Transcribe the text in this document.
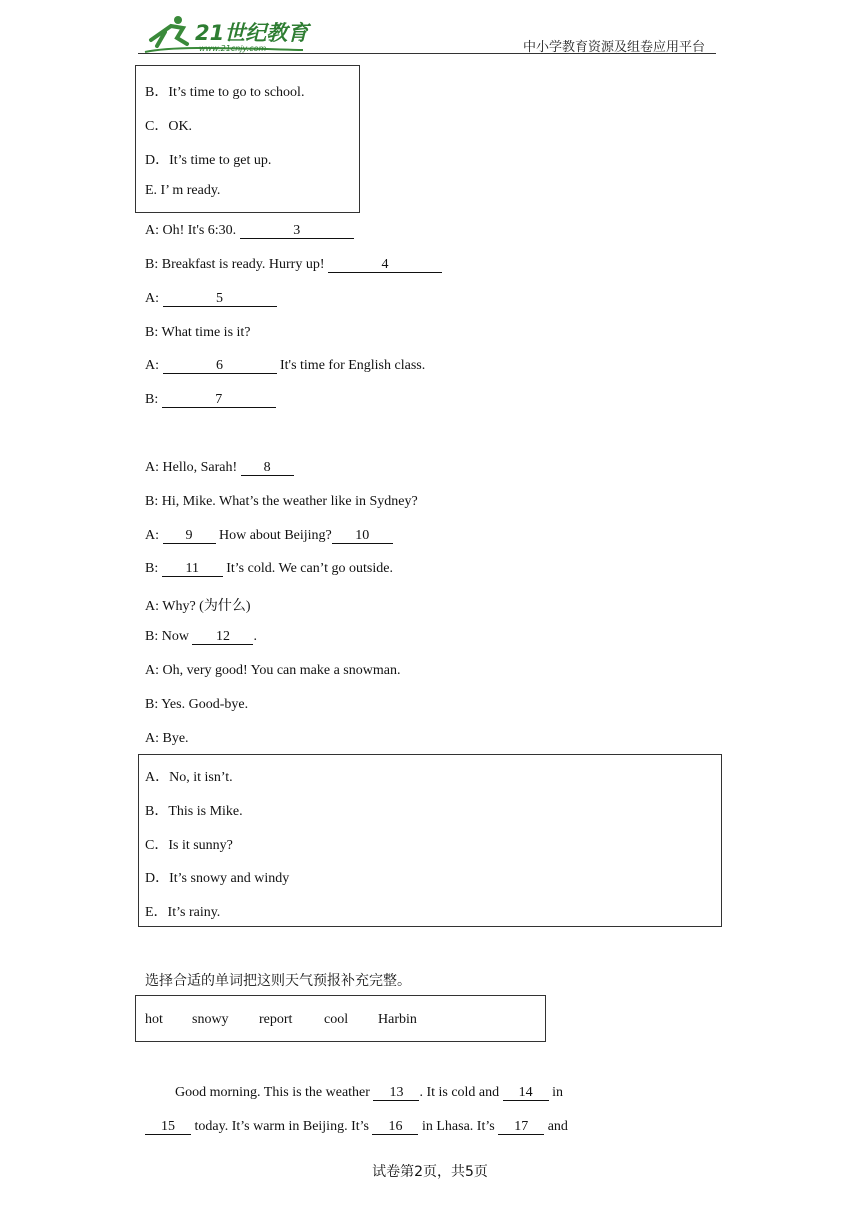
21世纪教育
www.21cnjy.com	中小学教育资源及组卷应用平台
B．It’s time to go to school.
C．OK.
D．It’s time to get up.
E. I’ m ready.
A: Oh! It's 6:30.	3
B: Breakfast is ready. Hurry up!	4
A:	5
B: What time is it?
A:	6	It's time for English class.
B:	7
A: Hello, Sarah! 8
B: Hi, Mike. What’s the weather like in Sydney?
A: 9 How about Beijing? 10
B: 11 It’s cold. We can’t go outside.
A: Why? (为什么)
B: Now 12 .
A: Oh, very good! You can make a snowman.
B: Yes. Good-bye.
A: Bye.
A．No, it isn’t.
B．This is Mike.
C．Is it sunny?
D．It’s snowy and windy
E．It’s rainy.
选择合适的单词把这则天气预报补充完整。
hot snowy report cool Harbin
Good morning. This is the weather 13 . It is cold and 14 in
15 today. It’s warm in Beijing. It’s 16 in Lhasa. It’s 17 and
试卷第2页，共5页
